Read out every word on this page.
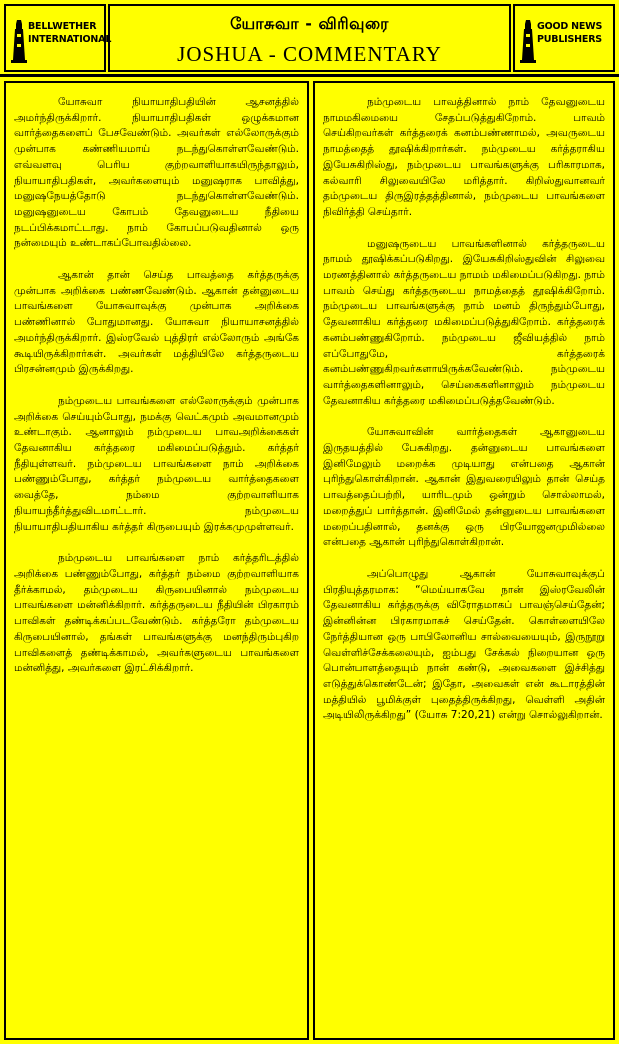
BELLWETHER
INTERNATIONAL
யோசுவா - விரிவுரை
JOSHUA - COMMENTARY
GOOD NEWS
PUBLISHERS

யோசுவா நியாயாதிபதியின் ஆசனத்தில் அமர்ந்திருக்கிறார். நியாயாதிபதிகள் ஒழுக்கமான வார்த்தைகளைப் பேசவேண்டும். அவர்கள் எல்லோருக்கும் முன்பாக கண்ணியமாய் நடந்துகொள்ளவேண்டும். எவ்வளவு பெரிய குற்றவாளியாகயிருந்தாலும், நியாயாதிபதிகள், அவர்களையும் மனுஷராக பாவித்து, மனுஷநேயத்தோடு நடந்துகொள்ளவேண்டும். மனுஷனுடைய கோபம் தேவனுடைய நீதியை நடப்பிக்கமாட்டாது. நாம் கோபப்படுவதினால் ஒரு நன்மையும் உண்டாகப்போவதில்லை.

ஆகான் தான் செய்த பாவத்தை கர்த்தருக்கு முன்பாக அறிக்கை பண்ணவேண்டும். ஆகான் தன்னுடைய பாவங்களை யோசுவாவுக்கு முன்பாக அறிக்கை பண்ணினால் போதுமானது. யோசுவா நியாயாசனத்தில் அமர்ந்திருக்கிறார். இஸ்ரவேல் புத்திரர் எல்லோரும் அங்கே கூடியிருக்கிறார்கள். அவர்கள் மத்தியிலே கர்த்தருடைய பிரசன்னமும் இருக்கிறது.

நம்முடைய பாவங்களை எல்லோருக்கும் முன்பாக அறிக்கை செய்யும்போது, நமக்கு வெட்கமும் அவமானமும் உண்டாகும். ஆனாலும் நம்முடைய பாவஅறிக்கைகள் தேவனாகிய கர்த்தரை மகிமைப்படுத்தும். கர்த்தர் நீதியுள்ளவர். நம்முடைய பாவங்களை நாம் அறிக்கை பண்ணும்போது, கர்த்தர் நம்முடைய வார்த்தைகளை வைத்தே, நம்மை குற்றவாளியாக நியாயந்தீர்த்துவிடமாட்டார். நம்முடைய நியாயாதிபதியாகிய கர்த்தர் கிருபையும் இரக்கமுமுள்ளவர்.

நம்முடைய பாவங்களை நாம் கர்த்தரிடத்தில் அறிக்கை பண்ணும்போது, கர்த்தர் நம்மை குற்றவாளியாக தீர்க்காமல், தம்முடைய கிருபையினால் நம்முடைய பாவங்களை மன்னிக்கிறார். கர்த்தருடைய நீதியின் பிரகாரம் பாவிகள் தண்டிக்கப்படவேண்டும். கர்த்தரோ தம்முடைய கிருபையினால், தங்கள் பாவங்களுக்கு மனந்திரும்புகிற பாவிகளைத் தண்டிக்காமல், அவர்களுடைய பாவங்களை மன்னித்து, அவர்களை இரட்சிக்கிறார்.

நம்முடைய பாவத்தினால் நாம் தேவனுடைய நாமமகிமையை சேதப்படுத்துகிறோம். பாவம் செய்கிறவர்கள் கர்த்தரைக் கனம்பண்ணாமல், அவருடைய நாமத்தைத் தூஷிக்கிறார்கள். நம்முடைய கர்த்தராகிய இயேசுகிறிஸ்து, நம்முடைய பாவங்களுக்கு பரிகாரமாக, கல்வாரி சிலுவையிலே மரித்தார். கிறிஸ்துவானவர் தம்முடைய திருஇரத்தத்தினால், நம்முடைய பாவங்களை நிவிர்த்தி செய்தார்.

மனுஷருடைய பாவங்களினால் கர்த்தருடைய நாமம் தூஷிக்கப்படுகிறது. இயேசுகிறிஸ்துவின் சிலுவை மரணத்தினால் கர்த்தருடைய நாமம் மகிமைப்படுகிறது. நாம் பாவம் செய்து கர்த்தருடைய நாமத்தைத் தூஷிக்கிறோம். நம்முடைய பாவங்களுக்கு நாம் மனம் திருந்தும்போது, தேவனாகிய கர்த்தரை மகிமைப்படுத்துகிறோம். கர்த்தரைக் கனம்பண்ணுகிறோம். நம்முடைய ஜீவியத்தில் நாம் எப்போதுமே, கர்த்தரைக் கனம்பண்ணுகிறவர்களாயிருக்கவேண்டும். நம்முடைய வார்த்தைகளினாலும், செய்கைகளினாலும் நம்முடைய தேவனாகிய கர்த்தரை மகிமைப்படுத்தவேண்டும்.

யோசுவாவின் வார்த்தைகள் ஆகானுடைய இருதயத்தில் பேசுகிறது. தன்னுடைய பாவங்களை இனிமேலும் மறைக்க முடியாது என்பதை ஆகான் புரிந்துகொள்கிறான். ஆகான் இதுவரையிலும் தான் செய்த பாவத்தைப்பற்றி, யாரிடமும் ஒன்றும் சொல்லாமல், மறைத்துப் பார்த்தான். இனிமேல் தன்னுடைய பாவங்களை மறைப்பதினால், தனக்கு ஒரு பிரயோஜனமுமில்லை என்பதை ஆகான் புரிந்துகொள்கிறான்.

அப்பொழுது ஆகான் யோசுவாவுக்குப் பிரதியுத்தரமாக: “மெய்யாகவே நான் இஸ்ரவேலின் தேவனாகிய கர்த்தருக்கு விரோதமாகப் பாவஞ்செய்தேன்; இன்னின்ன பிரகாரமாகச் செய்தேன். கொள்ளையிலே நேர்த்தியான ஒரு பாபிலோனிய சால்வையையும், இருநூறு வெள்ளிச்சேக்கலையும், ஐம்பது சேக்கல் நிறையான ஒரு பொன்பாளத்தையும் நான் கண்டு, அவைகளை இச்சித்து எடுத்துக்கொண்டேன்; இதோ, அவைகள் என் கூடாரத்தின் மத்தியில் பூமிக்குள் புதைத்திருக்கிறது, வெள்ளி அதின் அடியிலிருக்கிறது” (யோசு 7:20,21) என்று சொல்லுகிறான்.
